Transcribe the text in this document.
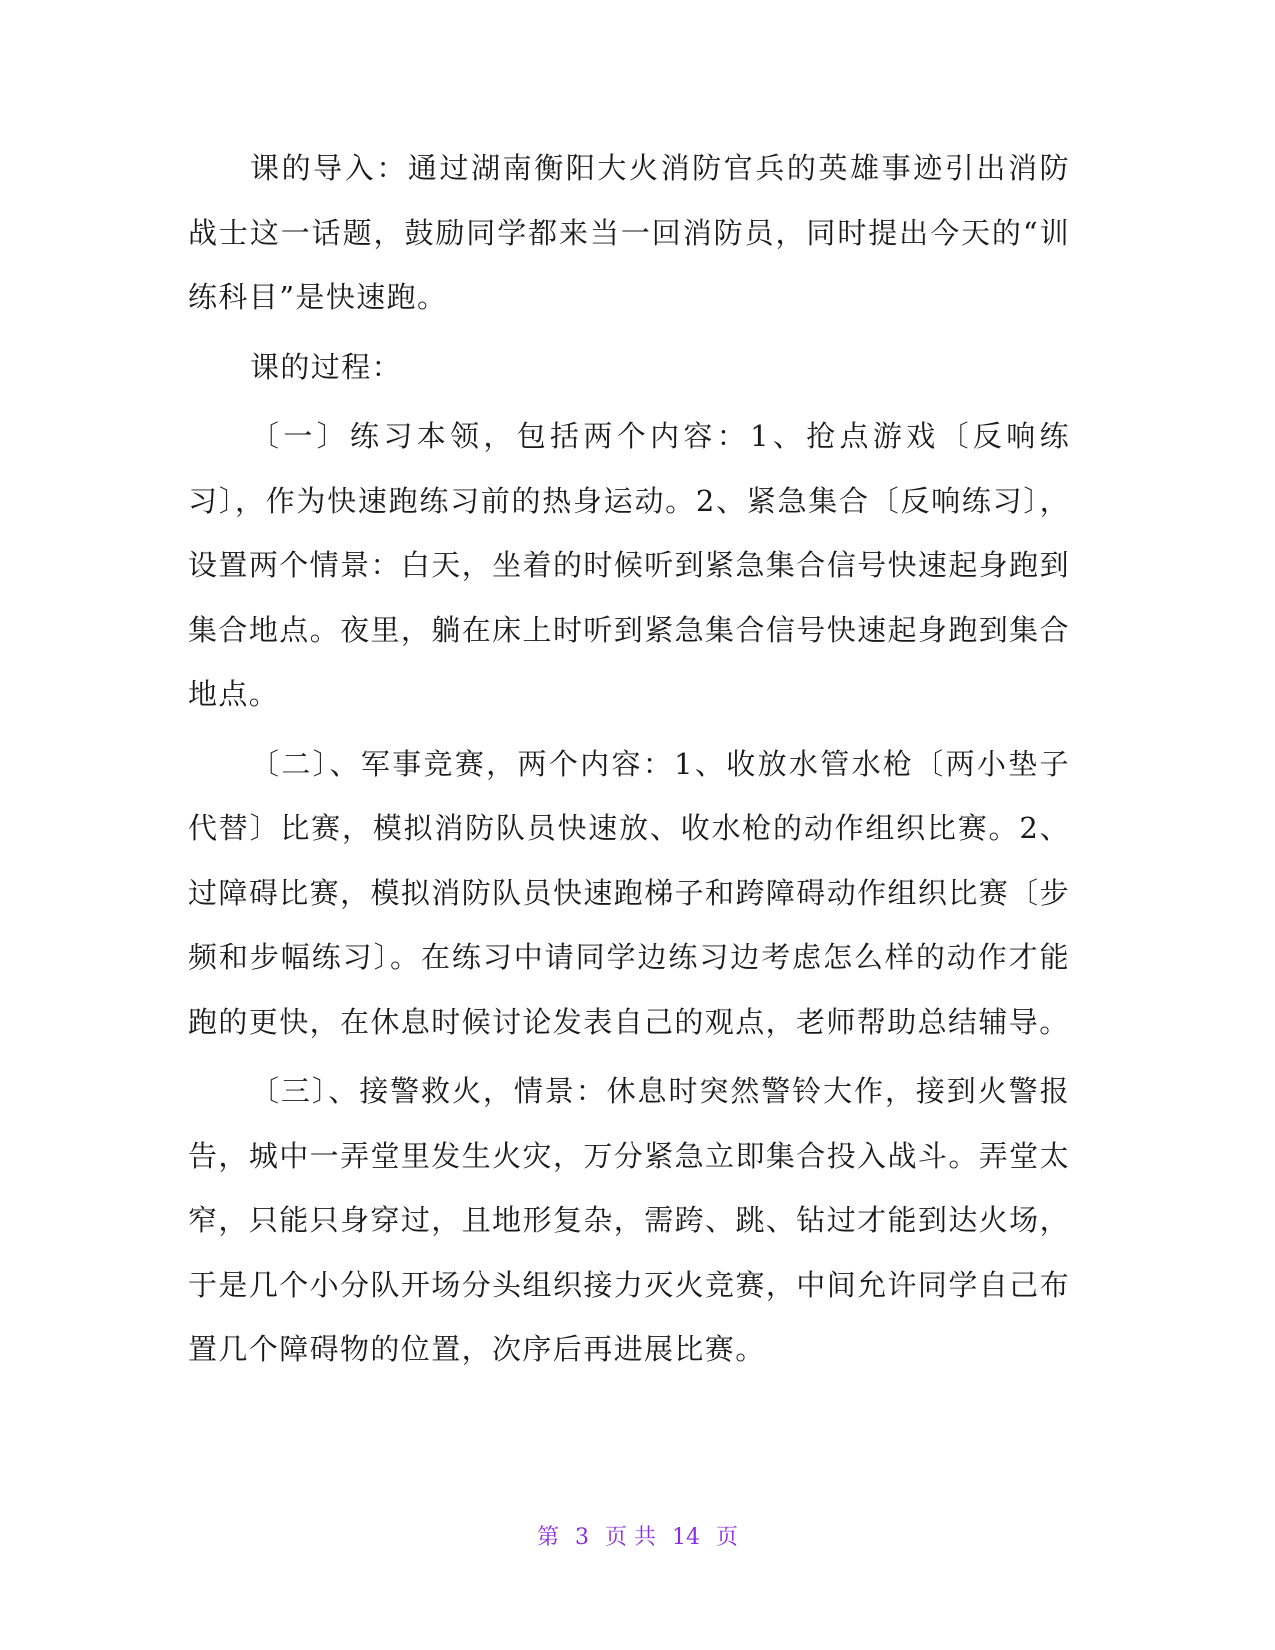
课的导入：通过湖南衡阳大火消防官兵的英雄事迹引出消防战士这一话题，鼓励同学都来当一回消防员，同时提出今天的“训练科目”是快速跑。

课的过程：

〔一〕练习本领，包括两个内容：1、抢点游戏〔反响练习〕，作为快速跑练习前的热身运动。2、紧急集合〔反响练习〕，设置两个情景：白天，坐着的时候听到紧急集合信号快速起身跑到集合地点。夜里，躺在床上时听到紧急集合信号快速起身跑到集合地点。

〔二〕、军事竞赛，两个内容：1、收放水管水枪〔两小垫子代替〕比赛，模拟消防队员快速放、收水枪的动作组织比赛。2、过障碍比赛，模拟消防队员快速跑梯子和跨障碍动作组织比赛〔步频和步幅练习〕。在练习中请同学边练习边考虑怎么样的动作才能跑的更快，在休息时候讨论发表自己的观点，老师帮助总结辅导。

〔三〕、接警救火，情景：休息时突然警铃大作，接到火警报告，城中一弄堂里发生火灾，万分紧急立即集合投入战斗。弄堂太窄，只能只身穿过，且地形复杂，需跨、跳、钻过才能到达火场，于是几个小分队开场分头组织接力灭火竞赛，中间允许同学自己布置几个障碍物的位置，次序后再进展比赛。

第 3 页 共 14 页
